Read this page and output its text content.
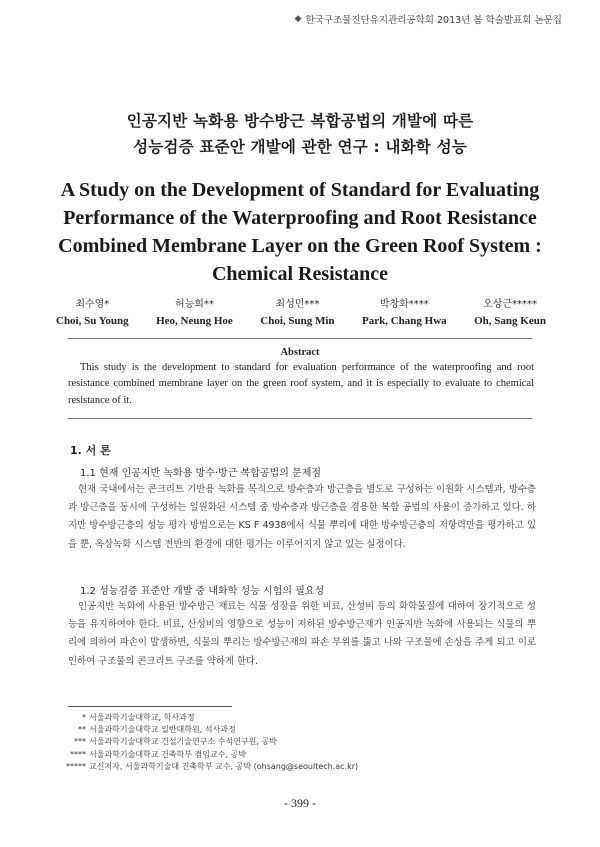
◆ 한국구조물진단유지관리공학회 2013년 봄 학술발표회 논문집
인공지반 녹화용 방수방근 복합공법의 개발에 따른
성능검증 표준안 개발에 관한 연구 : 내화학 성능
A Study on the Development of Standard for Evaluating
Performance of the Waterproofing and Root Resistance
Combined Membrane Layer on the Green Roof System :
Chemical Resistance
최수영*
Choi, Su Young
허능회**
Heo, Neung Hoe
최성민***
Choi, Sung Min
박창화****
Park, Chang Hwa
오상근*****
Oh, Sang Keun
Abstract
This study is the development to standard for evaluation performance of the waterproofing and root resistance combined membrane layer on the green roof system, and it is especially to evaluate to chemical resistance of it.
1. 서 론
1.1 현재 인공지반 녹화용 방수·방근 복합공법의 문제점
현재 국내에서는 콘크리트 기반용 녹화를 목적으로 방수층과 방근층을 별도로 구성하는 이원화 시스템과, 방수층과 방근층을 동시에 구성하는 일원화된 시스템 중 방수층과 방근층을 겸용한 복합 공법의 사용이 증가하고 있다. 하지만 방수방근층의 성능 평가 방법으로는 KS F 4938에서 식물 뿌리에 대한 방수방근층의 저항력만을 평가하고 있을 뿐, 옥상녹화 시스템 전반의 환경에 대한 평가는 이루어지지 않고 있는 실정이다.
1.2 성능검증 표준안 개발 중 내화학 성능 시험의 필요성
인공지반 녹화에 사용된 방수방근 재료는 식물 성장을 위한 비료, 산성비 등의 화학물질에 대하여 장기적으로 성능을 유지하여야 한다. 비료, 산성비의 영향으로 성능이 저하된 방수방근재가 인공지반 녹화에 사용되는 식물의 뿌리에 의하여 파손이 발생하면, 식물의 뿌리는 방수방근재의 파손 부위를 뚫고 나와 구조물에 손상을 주게 되고 이로 인하여 구조물의 콘크리트 구조를 약하게 한다.
* 서울과학기술대학교, 학사과정
** 서울과학기술대학교 일반대학원, 석사과정
*** 서울과학기술대학교 건설기술연구소 수석연구원, 공박
**** 서울과학기술대학교 건축학부 겸임교수, 공박
***** 교신저자, 서울과학기술대 건축학부 교수, 공박 (ohsang@seoultech.ac.kr)
- 399 -
